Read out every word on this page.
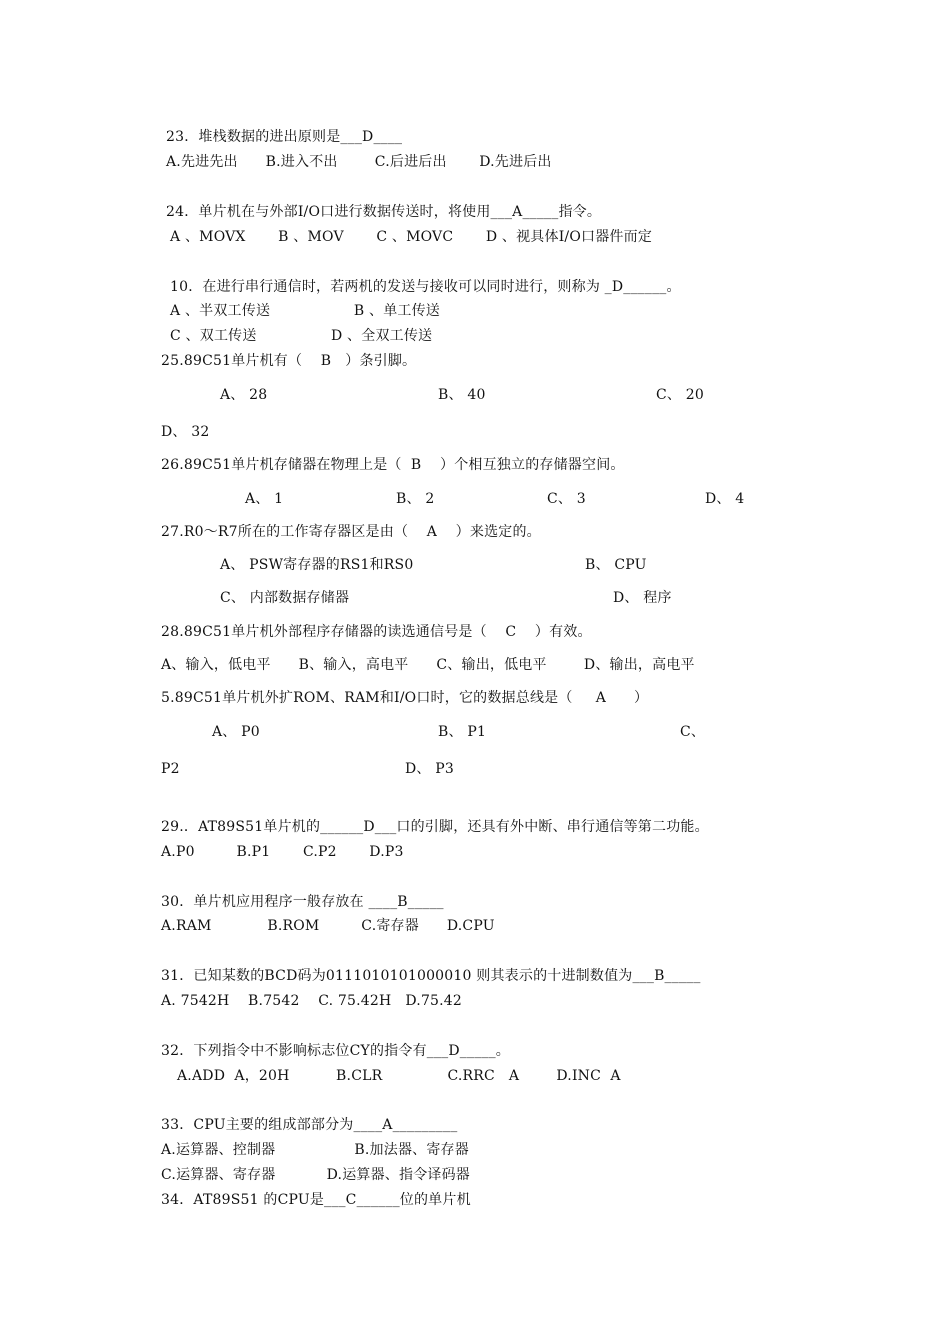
23．堆栈数据的进出原则是___D____
A.先进先出      B.进入不出        C.后进后出       D.先进后出
24．单片机在与外部I/O口进行数据传送时，将使用___A_____指令。
A 、MOVX       B 、MOV       C 、MOVC       D 、视具体I/O口器件而定
10．在进行串行通信时，若两机的发送与接收可以同时进行，则称为 _D______。
A 、半双工传送                  B 、单工传送
C 、双工传送                D 、全双工传送
25.89C51单片机有（    B   ）条引脚。
A、 28	B、 40	C、 20
D、 32
26.89C51单片机存储器在物理上是（  B    ）个相互独立的存储器空间。
A、 1	B、 2	C、 3	D、 4
27.R0～R7所在的工作寄存器区是由（    A    ）来选定的。
A、 PSW寄存器的RS1和RS0	B、 CPU
C、 内部数据存储器	D、 程序
28.89C51单片机外部程序存储器的读选通信号是（    C    ）有效。
A、输入，低电平      B、输入，高电平      C、输出，低电平        D、输出，高电平
5.89C51单片机外扩ROM、RAM和I/O口时，它的数据总线是（     A      ）
A、 P0	B、 P1	C、
P2	D、 P3
29.．AT89S51单片机的______D___口的引脚，还具有外中断、串行通信等第二功能。
A.P0         B.P1       C.P2       D.P3
30．单片机应用程序一般存放在 ____B_____
A.RAM            B.ROM         C.寄存器      D.CPU
31．已知某数的BCD码为0111010101000010 则其表示的十进制数值为___B_____
A. 7542H    B.7542    C. 75.42H   D.75.42
32．下列指令中不影响标志位CY的指令有___D_____。
A.ADD  A，20H          B.CLR              C.RRC   A        D.INC  A
33．CPU主要的组成部部分为____A_________
A.运算器、控制器                 B.加法器、寄存器
C.运算器、寄存器           D.运算器、指令译码器
34．AT89S51 的CPU是___C______位的单片机
